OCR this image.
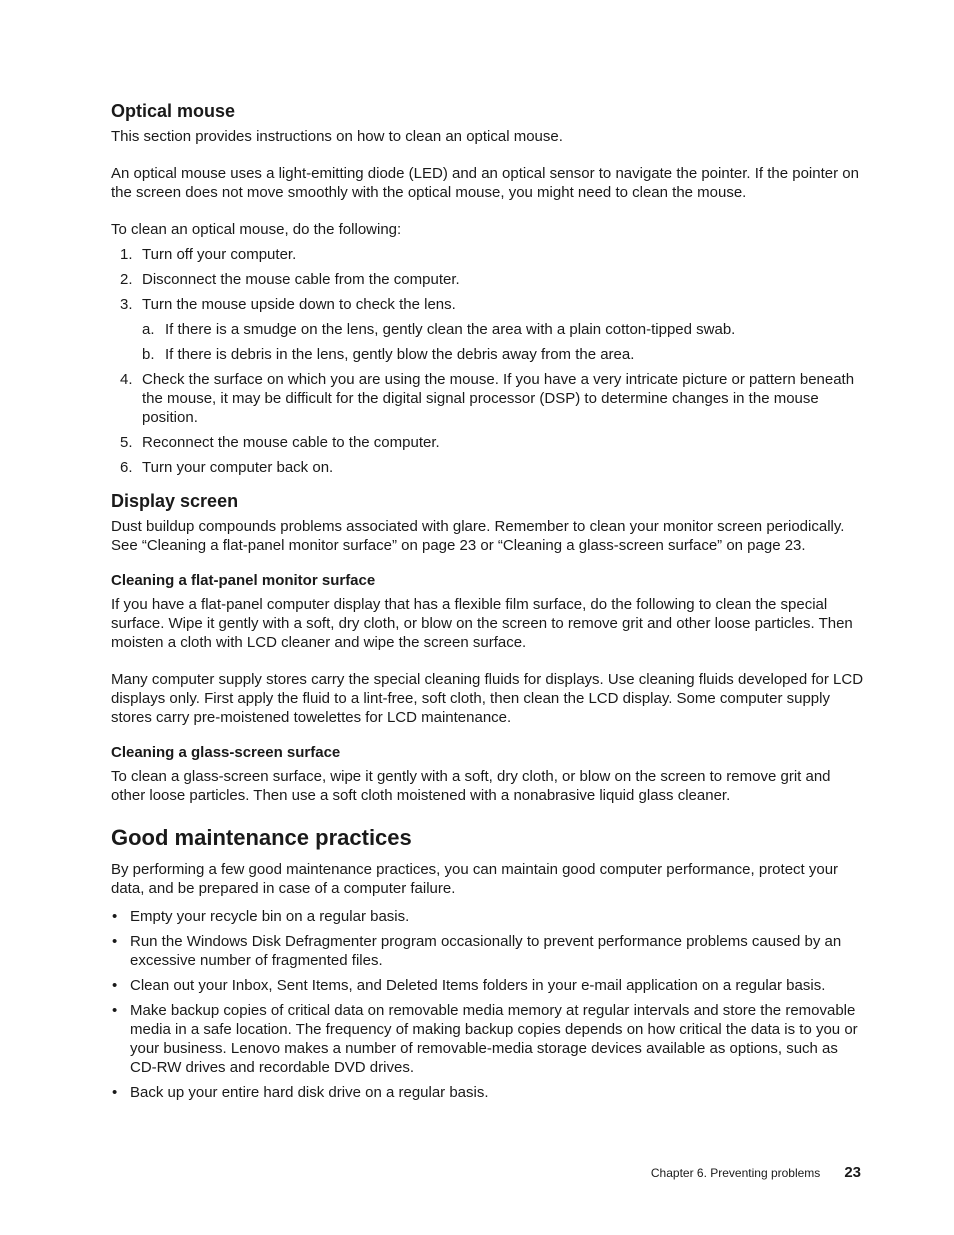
Optical mouse

This section provides instructions on how to clean an optical mouse.

An optical mouse uses a light-emitting diode (LED) and an optical sensor to navigate the pointer. If the pointer on the screen does not move smoothly with the optical mouse, you might need to clean the mouse.

To clean an optical mouse, do the following:

1. Turn off your computer.
2. Disconnect the mouse cable from the computer.
3. Turn the mouse upside down to check the lens.
a. If there is a smudge on the lens, gently clean the area with a plain cotton-tipped swab.
b. If there is debris in the lens, gently blow the debris away from the area.
4. Check the surface on which you are using the mouse. If you have a very intricate picture or pattern beneath the mouse, it may be difficult for the digital signal processor (DSP) to determine changes in the mouse position.
5. Reconnect the mouse cable to the computer.
6. Turn your computer back on.
Display screen

Dust buildup compounds problems associated with glare. Remember to clean your monitor screen periodically. See “Cleaning a flat-panel monitor surface” on page 23 or “Cleaning a glass-screen surface” on page 23.

Cleaning a flat-panel monitor surface

If you have a flat-panel computer display that has a flexible film surface, do the following to clean the special surface. Wipe it gently with a soft, dry cloth, or blow on the screen to remove grit and other loose particles. Then moisten a cloth with LCD cleaner and wipe the screen surface.

Many computer supply stores carry the special cleaning fluids for displays. Use cleaning fluids developed for LCD displays only. First apply the fluid to a lint-free, soft cloth, then clean the LCD display. Some computer supply stores carry pre-moistened towelettes for LCD maintenance.

Cleaning a glass-screen surface

To clean a glass-screen surface, wipe it gently with a soft, dry cloth, or blow on the screen to remove grit and other loose particles. Then use a soft cloth moistened with a nonabrasive liquid glass cleaner.

Good maintenance practices

By performing a few good maintenance practices, you can maintain good computer performance, protect your data, and be prepared in case of a computer failure.

• Empty your recycle bin on a regular basis.
• Run the Windows Disk Defragmenter program occasionally to prevent performance problems caused by an excessive number of fragmented files.
• Clean out your Inbox, Sent Items, and Deleted Items folders in your e-mail application on a regular basis.
• Make backup copies of critical data on removable media memory at regular intervals and store the removable media in a safe location. The frequency of making backup copies depends on how critical the data is to you or your business. Lenovo makes a number of removable-media storage devices available as options, such as CD-RW drives and recordable DVD drives.
• Back up your entire hard disk drive on a regular basis.
Chapter 6. Preventing problems 23
